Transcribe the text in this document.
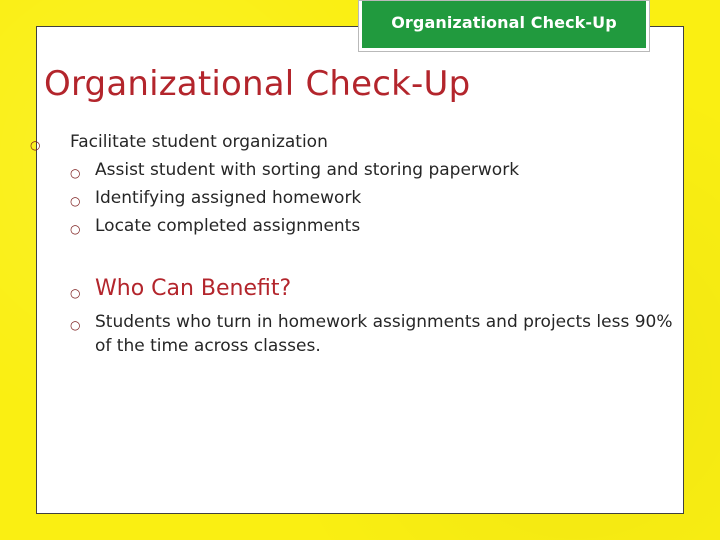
Organizational Check-Up
Organizational Check-Up
○ Facilitate student organization
○ Assist student with sorting and storing paperwork
○ Identifying assigned homework
○ Locate completed assignments
○ Who Can Benefit?
○ Students who turn in homework assignments and projects less 90% of the time across classes.
